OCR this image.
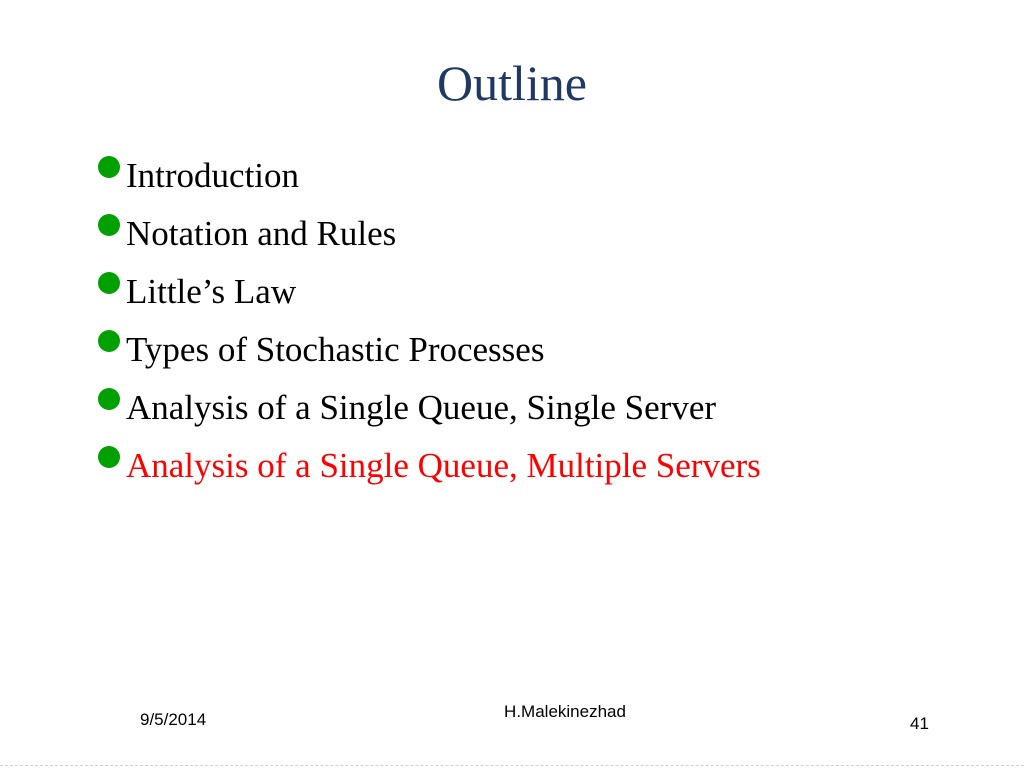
Outline
Introduction
Notation and Rules
Little’s Law
Types of Stochastic Processes
Analysis of a Single Queue, Single Server
Analysis of a Single Queue, Multiple Servers
9/5/2014	H.Malekinezhad
41
